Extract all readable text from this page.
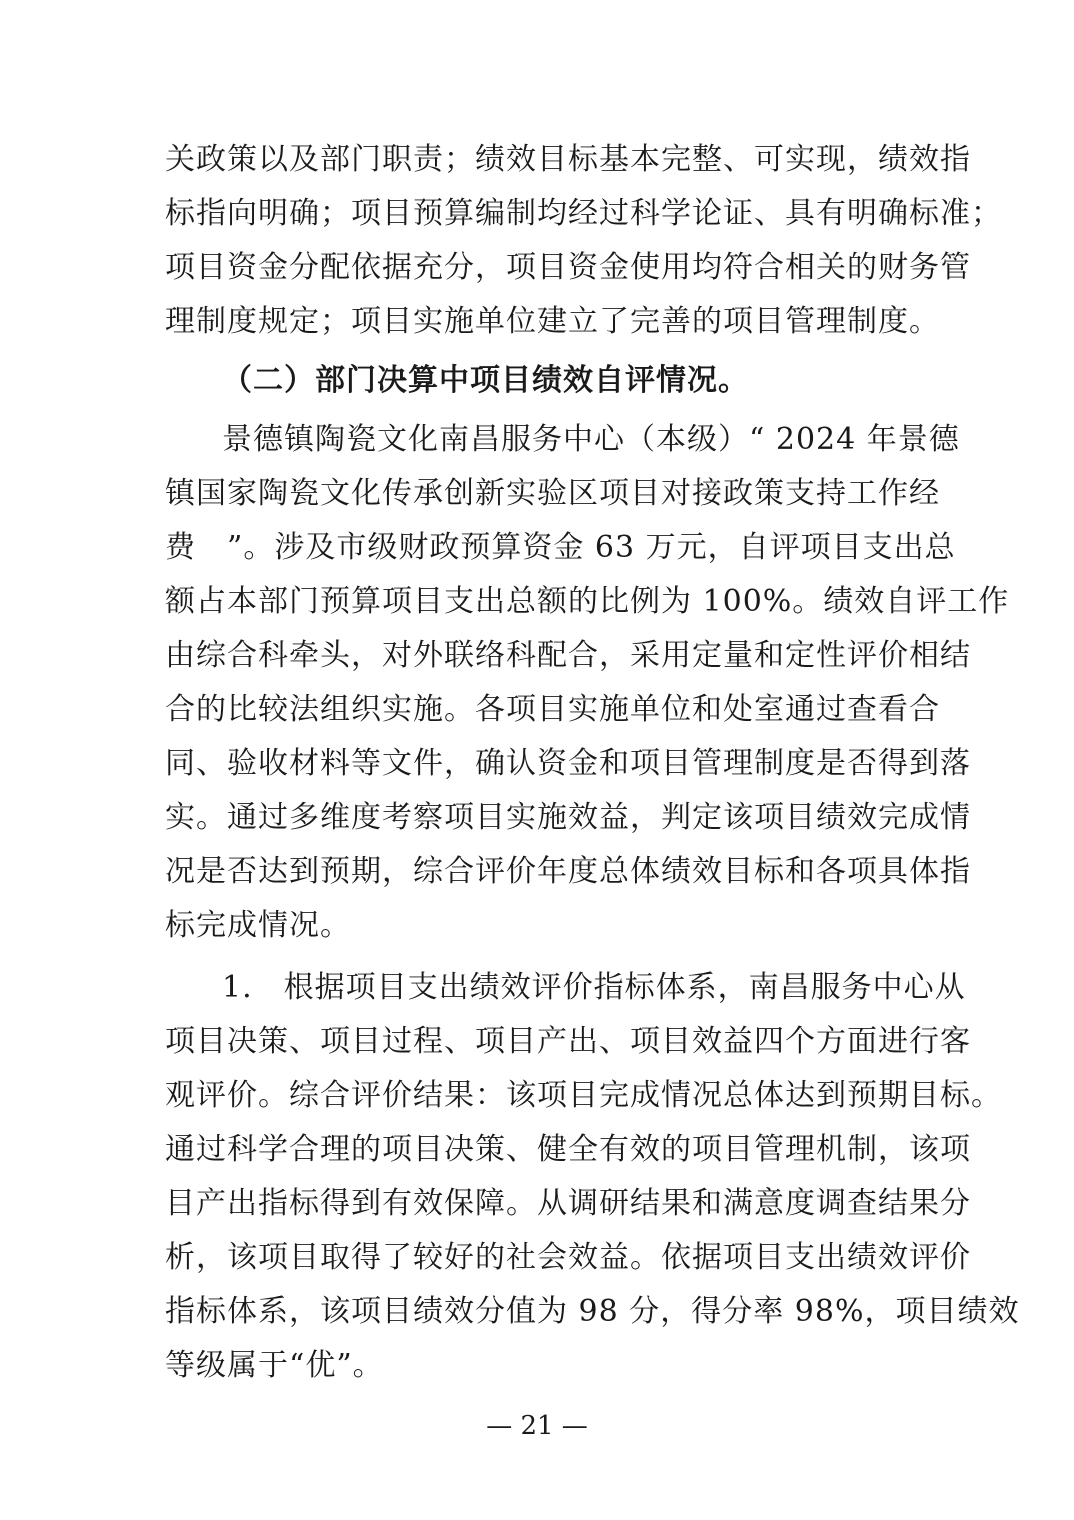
关政策以及部门职责；绩效目标基本完整、可实现，绩效指
标指向明确；项目预算编制均经过科学论证、具有明确标准；
项目资金分配依据充分，项目资金使用均符合相关的财务管
理制度规定；项目实施单位建立了完善的项目管理制度。
（二）部门决算中项目绩效自评情况。
景德镇陶瓷文化南昌服务中心（本级）“ 2024 年景德
镇国家陶瓷文化传承创新实验区项目对接政策支持工作经
费　”。涉及市级财政预算资金 63 万元，自评项目支出总
额占本部门预算项目支出总额的比例为 100%。绩效自评工作
由综合科牵头，对外联络科配合，采用定量和定性评价相结
合的比较法组织实施。各项目实施单位和处室通过查看合
同、验收材料等文件，确认资金和项目管理制度是否得到落
实。通过多维度考察项目实施效益，判定该项目绩效完成情
况是否达到预期，综合评价年度总体绩效目标和各项具体指
标完成情况。
1.　根据项目支出绩效评价指标体系，南昌服务中心从
项目决策、项目过程、项目产出、项目效益四个方面进行客
观评价。综合评价结果：该项目完成情况总体达到预期目标。
通过科学合理的项目决策、健全有效的项目管理机制，该项
目产出指标得到有效保障。从调研结果和满意度调查结果分
析，该项目取得了较好的社会效益。依据项目支出绩效评价
指标体系，该项目绩效分值为 98 分，得分率 98%，项目绩效
等级属于“优”。
— 21 —
